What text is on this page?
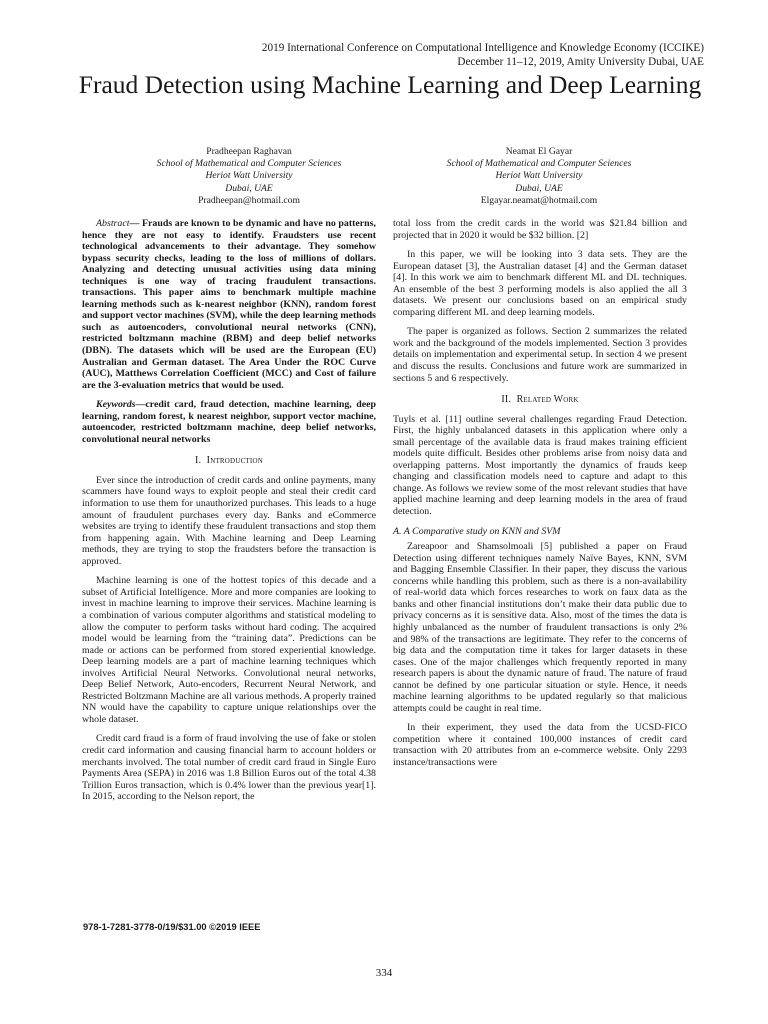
2019 International Conference on Computational Intelligence and Knowledge Economy (ICCIKE)
December 11–12, 2019, Amity University Dubai, UAE
Fraud Detection using Machine Learning and Deep Learning
Pradheepan Raghavan
School of Mathematical and Computer Sciences
Heriot Watt University
Dubai, UAE
Pradheepan@hotmail.com
Neamat El Gayar
School of Mathematical and Computer Sciences
Heriot Watt University
Dubai, UAE
Elgayar.neamat@hotmail.com

Abstract— Frauds are known to be dynamic and have no patterns, hence they are not easy to identify. Fraudsters use recent technological advancements to their advantage. They somehow bypass security checks, leading to the loss of millions of dollars. Analyzing and detecting unusual activities using data mining techniques is one way of tracing fraudulent transactions. transactions. This paper aims to benchmark multiple machine learning methods such as k-nearest neighbor (KNN), random forest and support vector machines (SVM), while the deep learning methods such as autoencoders, convolutional neural networks (CNN), restricted boltzmann machine (RBM) and deep belief networks (DBN). The datasets which will be used are the European (EU) Australian and German dataset. The Area Under the ROC Curve (AUC), Matthews Correlation Coefficient (MCC) and Cost of failure are the 3-evaluation metrics that would be used.

Keywords—credit card, fraud detection, machine learning, deep learning, random forest, k nearest neighbor, support vector machine, autoencoder, restricted boltzmann machine, deep belief networks, convolutional neural networks

I. Introduction

Ever since the introduction of credit cards and online payments, many scammers have found ways to exploit people and steal their credit card information to use them for unauthorized purchases. This leads to a huge amount of fraudulent purchases every day. Banks and eCommerce websites are trying to identify these fraudulent transactions and stop them from happening again. With Machine learning and Deep Learning methods, they are trying to stop the fraudsters before the transaction is approved.

Machine learning is one of the hottest topics of this decade and a subset of Artificial Intelligence. More and more companies are looking to invest in machine learning to improve their services. Machine learning is a combination of various computer algorithms and statistical modeling to allow the computer to perform tasks without hard coding. The acquired model would be learning from the “training data”. Predictions can be made or actions can be performed from stored experiential knowledge. Deep learning models are a part of machine learning techniques which involves Artificial Neural Networks. Convolutional neural networks, Deep Belief Network, Auto-encoders, Recurrent Neural Network, and Restricted Boltzmann Machine are all various methods. A properly trained NN would have the capability to capture unique relationships over the whole dataset.

Credit card fraud is a form of fraud involving the use of fake or stolen credit card information and causing financial harm to account holders or merchants involved. The total number of credit card fraud in Single Euro Payments Area (SEPA) in 2016 was 1.8 Billion Euros out of the total 4.38 Trillion Euros transaction, which is 0.4% lower than the previous year[1]. In 2015, according to the Nelson report, the

total loss from the credit cards in the world was $21.84 billion and projected that in 2020 it would be $32 billion. [2]

In this paper, we will be looking into 3 data sets. They are the European dataset [3], the Australian dataset [4] and the German dataset [4]. In this work we aim to benchmark different ML and DL techniques. An ensemble of the best 3 performing models is also applied the all 3 datasets. We present our conclusions based on an empirical study comparing different ML and deep learning models.

The paper is organized as follows. Section 2 summarizes the related work and the background of the models implemented. Section 3 provides details on implementation and experimental setup. In section 4 we present and discuss the results. Conclusions and future work are summarized in sections 5 and 6 respectively.

II. Related Work

Tuyls et al. [11] outline several challenges regarding Fraud Detection. First, the highly unbalanced datasets in this application where only a small percentage of the available data is fraud makes training efficient models quite difficult. Besides other problems arise from noisy data and overlapping patterns. Most importantly the dynamics of frauds keep changing and classification models need to capture and adapt to this change. As follows we review some of the most relevant studies that have applied machine learning and deep learning models in the area of fraud detection.

A. A Comparative study on KNN and SVM

Zareapoor and Shamsolmoali [5] published a paper on Fraud Detection using different techniques namely Naïve Bayes, KNN, SVM and Bagging Ensemble Classifier. In their paper, they discuss the various concerns while handling this problem, such as there is a non-availability of real-world data which forces researches to work on faux data as the banks and other financial institutions don’t make their data public due to privacy concerns as it is sensitive data. Also, most of the times the data is highly unbalanced as the number of fraudulent transactions is only 2% and 98% of the transactions are legitimate. They refer to the concerns of big data and the computation time it takes for larger datasets in these cases. One of the major challenges which frequently reported in many research papers is about the dynamic nature of fraud. The nature of fraud cannot be defined by one particular situation or style. Hence, it needs machine learning algorithms to be updated regularly so that malicious attempts could be caught in real time.

In their experiment, they used the data from the UCSD-FICO competition where it contained 100,000 instances of credit card transaction with 20 attributes from an e-commerce website. Only 2293 instance/transactions were

978-1-7281-3778-0/19/$31.00 ©2019 IEEE
334
